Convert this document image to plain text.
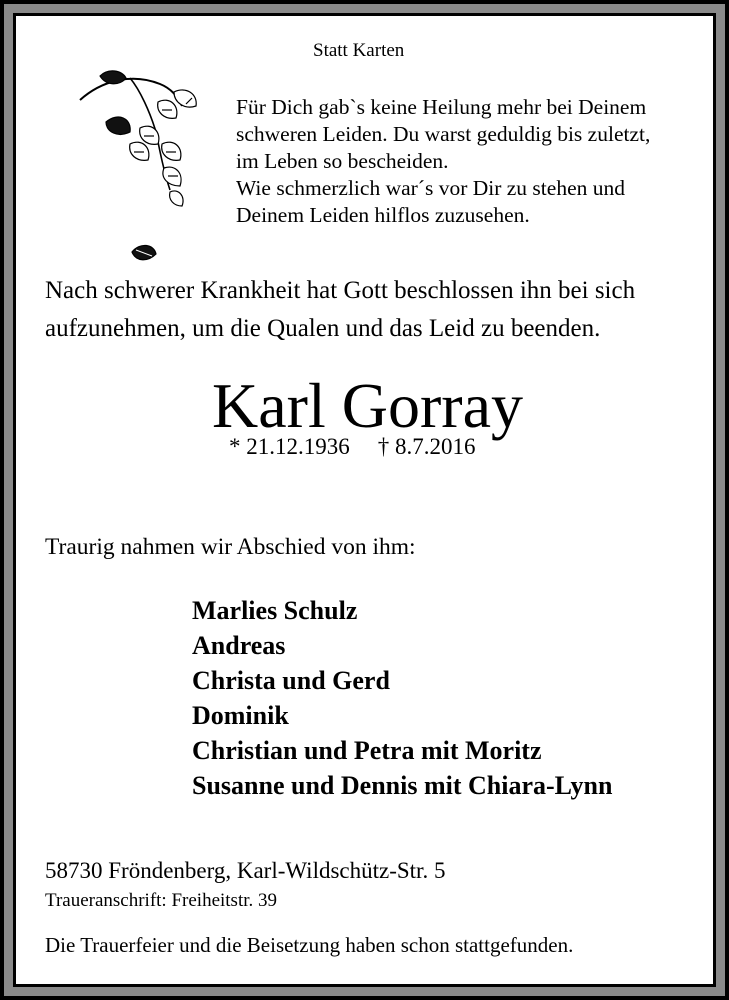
Statt Karten
Für Dich gab`s keine Heilung mehr bei Deinem
schweren Leiden. Du warst geduldig bis zuletzt,
im Leben so bescheiden.
Wie schmerzlich war´s vor Dir zu stehen und
Deinem Leiden hilflos zuzusehen.
Nach schwerer Krankheit hat Gott beschlossen ihn bei sich
aufzunehmen, um die Qualen und das Leid zu beenden.
Karl Gorray
* 21.12.1936 † 8.7.2016
Traurig nahmen wir Abschied von ihm:
Marlies Schulz
Andreas
Christa und Gerd
Dominik
Christian und Petra mit Moritz
Susanne und Dennis mit Chiara-Lynn
58730 Fröndenberg, Karl-Wildschütz-Str. 5
Traueranschrift: Freiheitstr. 39
Die Trauerfeier und die Beisetzung haben schon stattgefunden.
